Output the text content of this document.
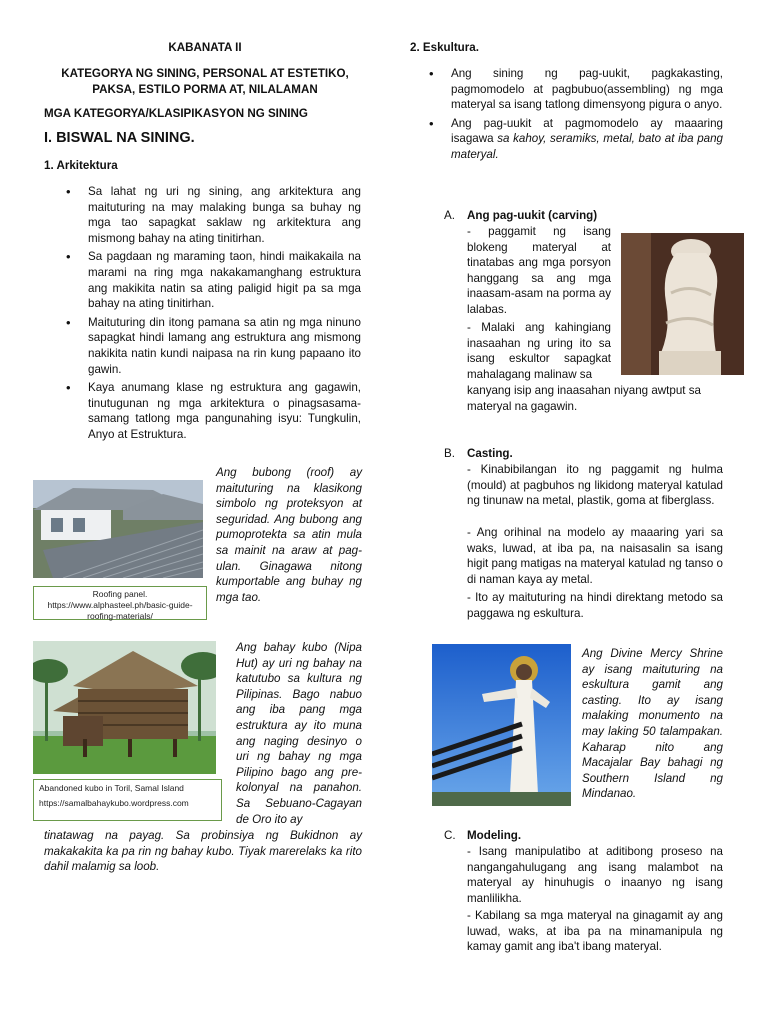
KABANATA II
KATEGORYA NG SINING, PERSONAL AT ESTETIKO,
PAKSA, ESTILO PORMA AT, NILALAMAN
MGA KATEGORYA/KLASIPIKASYON NG SINING
I. BISWAL NA SINING.
1. Arkitektura
• Sa lahat ng uri ng sining, ang arkitektura ang maituturing na may malaking bunga sa buhay ng mga tao sapagkat saklaw ng arkitektura ang mismong bahay na ating tinitirhan.
• Sa pagdaan ng maraming taon, hindi maikakaila na marami na ring mga nakakamanghang estruktura ang makikita natin sa ating paligid higit pa sa mga bahay na ating tinitirhan.
• Maituturing din itong pamana sa atin ng mga ninuno sapagkat hindi lamang ang estruktura ang mismong nakikita natin kundi naipasa na rin kung papaano ito gawin.
• Kaya anumang klase ng estruktura ang gagawin, tinutugunan ng mga arkitektura o pinagsasama-samang tatlong mga pangunahing isyu: Tungkulin, Anyo at Estruktura.
Roofing panel.
https://www.alphasteel.ph/basic-guide-roofing-materials/

Ang bubong (roof) ay maituturing na klasikong simbolo ng proteksyon at seguridad. Ang bubong ang pumoprotekta sa atin mula sa mainit na araw at pag-ulan. Ginagawa nitong kumportable ang buhay ng mga tao.

Abandoned kubo in Toril, Samal Island
https://samalbahaykubo.wordpress.com

Ang bahay kubo (Nipa Hut) ay uri ng bahay na katutubo sa kultura ng Pilipinas. Bago nabuo ang iba pang mga estruktura ay ito muna ang naging desinyo o uri ng bahay ng mga Pilipino bago ang pre-kolonyal na panahon. Sa Sebuano-Cagayan de Oro ito ay

tinatawag na payag. Sa probinsiya ng Bukidnon ay makakakita ka pa rin ng bahay kubo. Tiyak marerelaks ka rito dahil malamig sa loob.

2. Eskultura.
• Ang sining ng pag-uukit, pagkakasting, pagmomodelo at pagbubuo(assembling) ng mga materyal sa isang tatlong dimensyong pigura o anyo.
• Ang pag-uukit at pagmomodelo ay maaaring isagawa sa kahoy, seramiks, metal, bato at iba pang materyal.
A. Ang pag-uukit (carving)

- paggamit ng isang blokeng materyal at tinatabas ang mga porsyon hanggang sa ang mga inaasam-asam na porma ay lalabas.

- Malaki ang kahingiang inasaahan ng uring ito sa isang eskultor sapagkat mahalagang malinaw sa

kanyang isip ang inaasahan niyang awtput sa materyal na gagawin.

B. Casting.

- Kinabibilangan ito ng paggamit ng hulma (mould) at pagbuhos ng likidong materyal katulad ng tinunaw na metal, plastik, goma at fiberglass.

- Ang orihinal na modelo ay maaaring yari sa waks, luwad, at iba pa, na naisasalin sa isang higit pang matigas na materyal katulad ng tanso o di naman kaya ay metal.

- Ito ay maituturing na hindi direktang metodo sa paggawa ng eskultura.

Ang Divine Mercy Shrine ay isang maituturing na eskultura gamit ang casting. Ito ay isang malaking monumento na may laking 50 talampakan. Kaharap nito ang Macajalar Bay bahagi ng Southern Island ng Mindanao.

C. Modeling.

- Isang manipulatibo at aditibong proseso na nangangahulugang ang isang malambot na materyal ay hinuhugis o inaanyo ng isang manlilikha.

- Kabilang sa mga materyal na ginagamit ay ang luwad, waks, at iba pa na minamanipula ng kamay gamit ang iba't ibang materyal.
